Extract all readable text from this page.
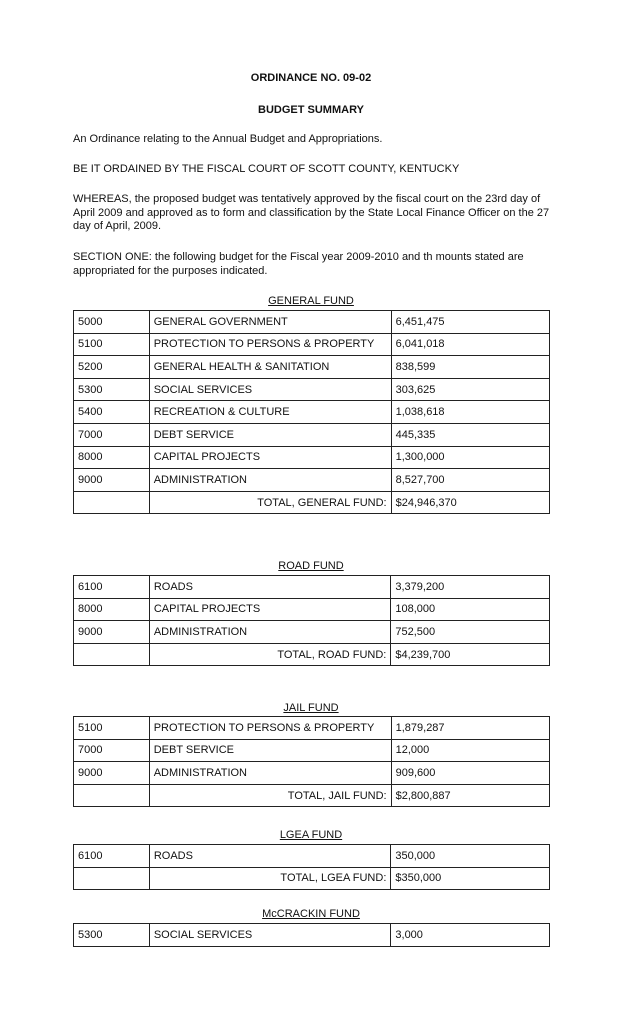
ORDINANCE NO. 09-02
BUDGET SUMMARY
An Ordinance relating to the Annual Budget and Appropriations.
BE IT ORDAINED BY THE FISCAL COURT OF SCOTT COUNTY, KENTUCKY
WHEREAS, the proposed budget was tentatively approved by the fiscal court on the 23rd day of April 2009 and approved as to form and classification by the State Local Finance Officer on the 27 day of April, 2009.
SECTION ONE: the following budget for the Fiscal year 2009-2010 and th mounts stated are appropriated for the purposes indicated.
GENERAL FUND
5000	GENERAL GOVERNMENT	6,451,475
5100	PROTECTION TO PERSONS & PROPERTY	6,041,018
5200	GENERAL HEALTH & SANITATION	838,599
5300	SOCIAL SERVICES	303,625
5400	RECREATION & CULTURE	1,038,618
7000	DEBT SERVICE	445,335
8000	CAPITAL PROJECTS	1,300,000
9000	ADMINISTRATION	8,527,700
	TOTAL, GENERAL FUND:	$24,946,370
ROAD FUND
6100	ROADS	3,379,200
8000	CAPITAL PROJECTS	108,000
9000	ADMINISTRATION	752,500
	TOTAL, ROAD FUND:	$4,239,700
JAIL FUND
5100	PROTECTION TO PERSONS & PROPERTY	1,879,287
7000	DEBT SERVICE	12,000
9000	ADMINISTRATION	909,600
	TOTAL, JAIL FUND:	$2,800,887
LGEA FUND
6100	ROADS	350,000
	TOTAL, LGEA FUND:	$350,000
McCRACKIN FUND
5300	SOCIAL SERVICES	3,000
